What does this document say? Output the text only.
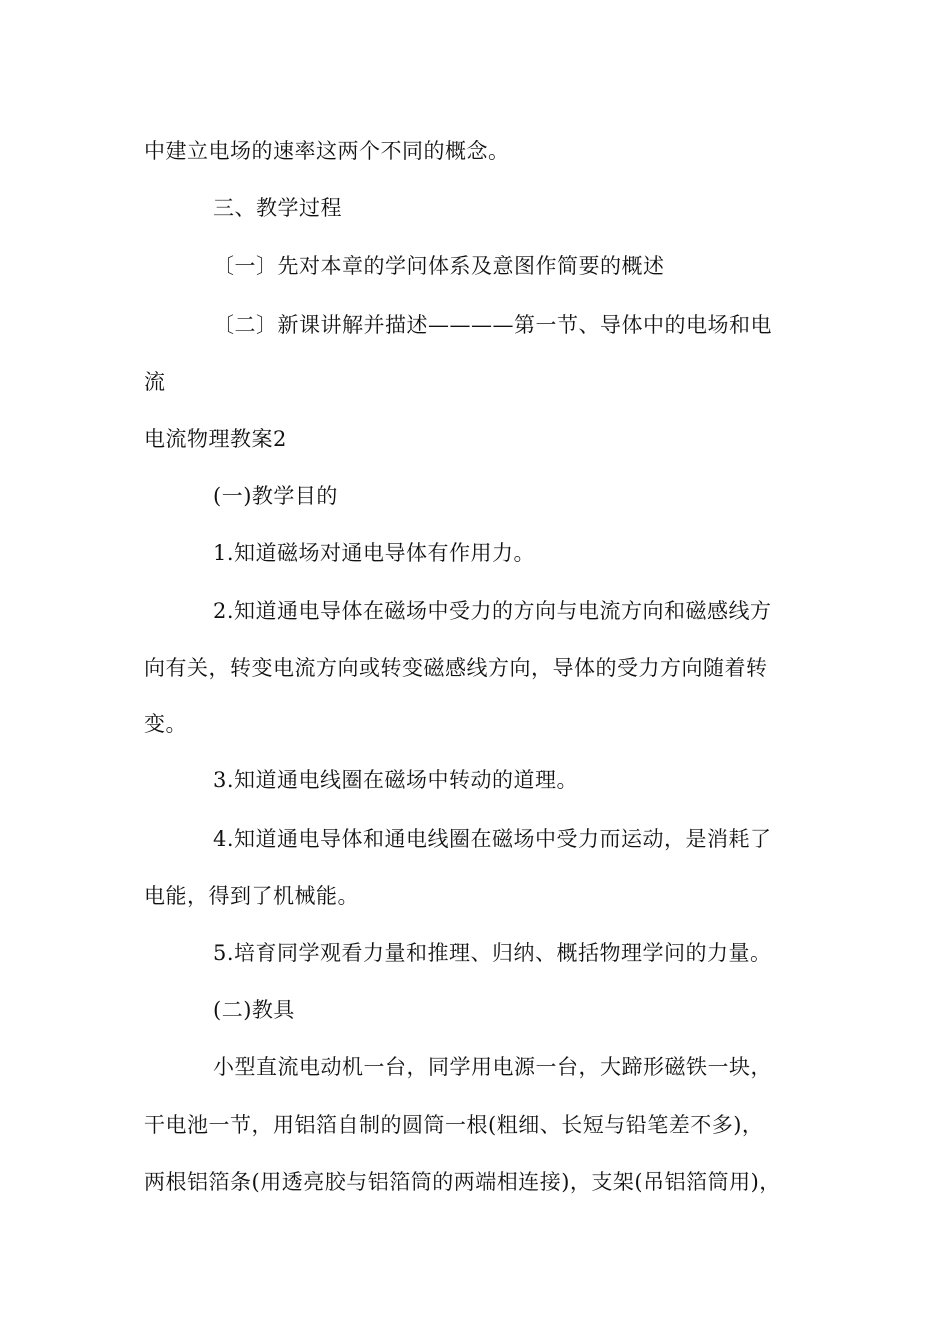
中建立电场的速率这两个不同的概念。
三、教学过程
〔一〕先对本章的学问体系及意图作简要的概述
〔二〕新课讲解并描述————第一节、导体中的电场和电
流
电流物理教案2
(一)教学目的
1.知道磁场对通电导体有作用力。
2.知道通电导体在磁场中受力的方向与电流方向和磁感线方
向有关，转变电流方向或转变磁感线方向，导体的受力方向随着转
变。
3.知道通电线圈在磁场中转动的道理。
4.知道通电导体和通电线圈在磁场中受力而运动，是消耗了
电能，得到了机械能。
5.培育同学观看力量和推理、归纳、概括物理学问的力量。
(二)教具
小型直流电动机一台，同学用电源一台，大蹄形磁铁一块，
干电池一节，用铝箔自制的圆筒一根(粗细、长短与铅笔差不多)，
两根铝箔条(用透亮胶与铝箔筒的两端相连接)，支架(吊铝箔筒用)，
